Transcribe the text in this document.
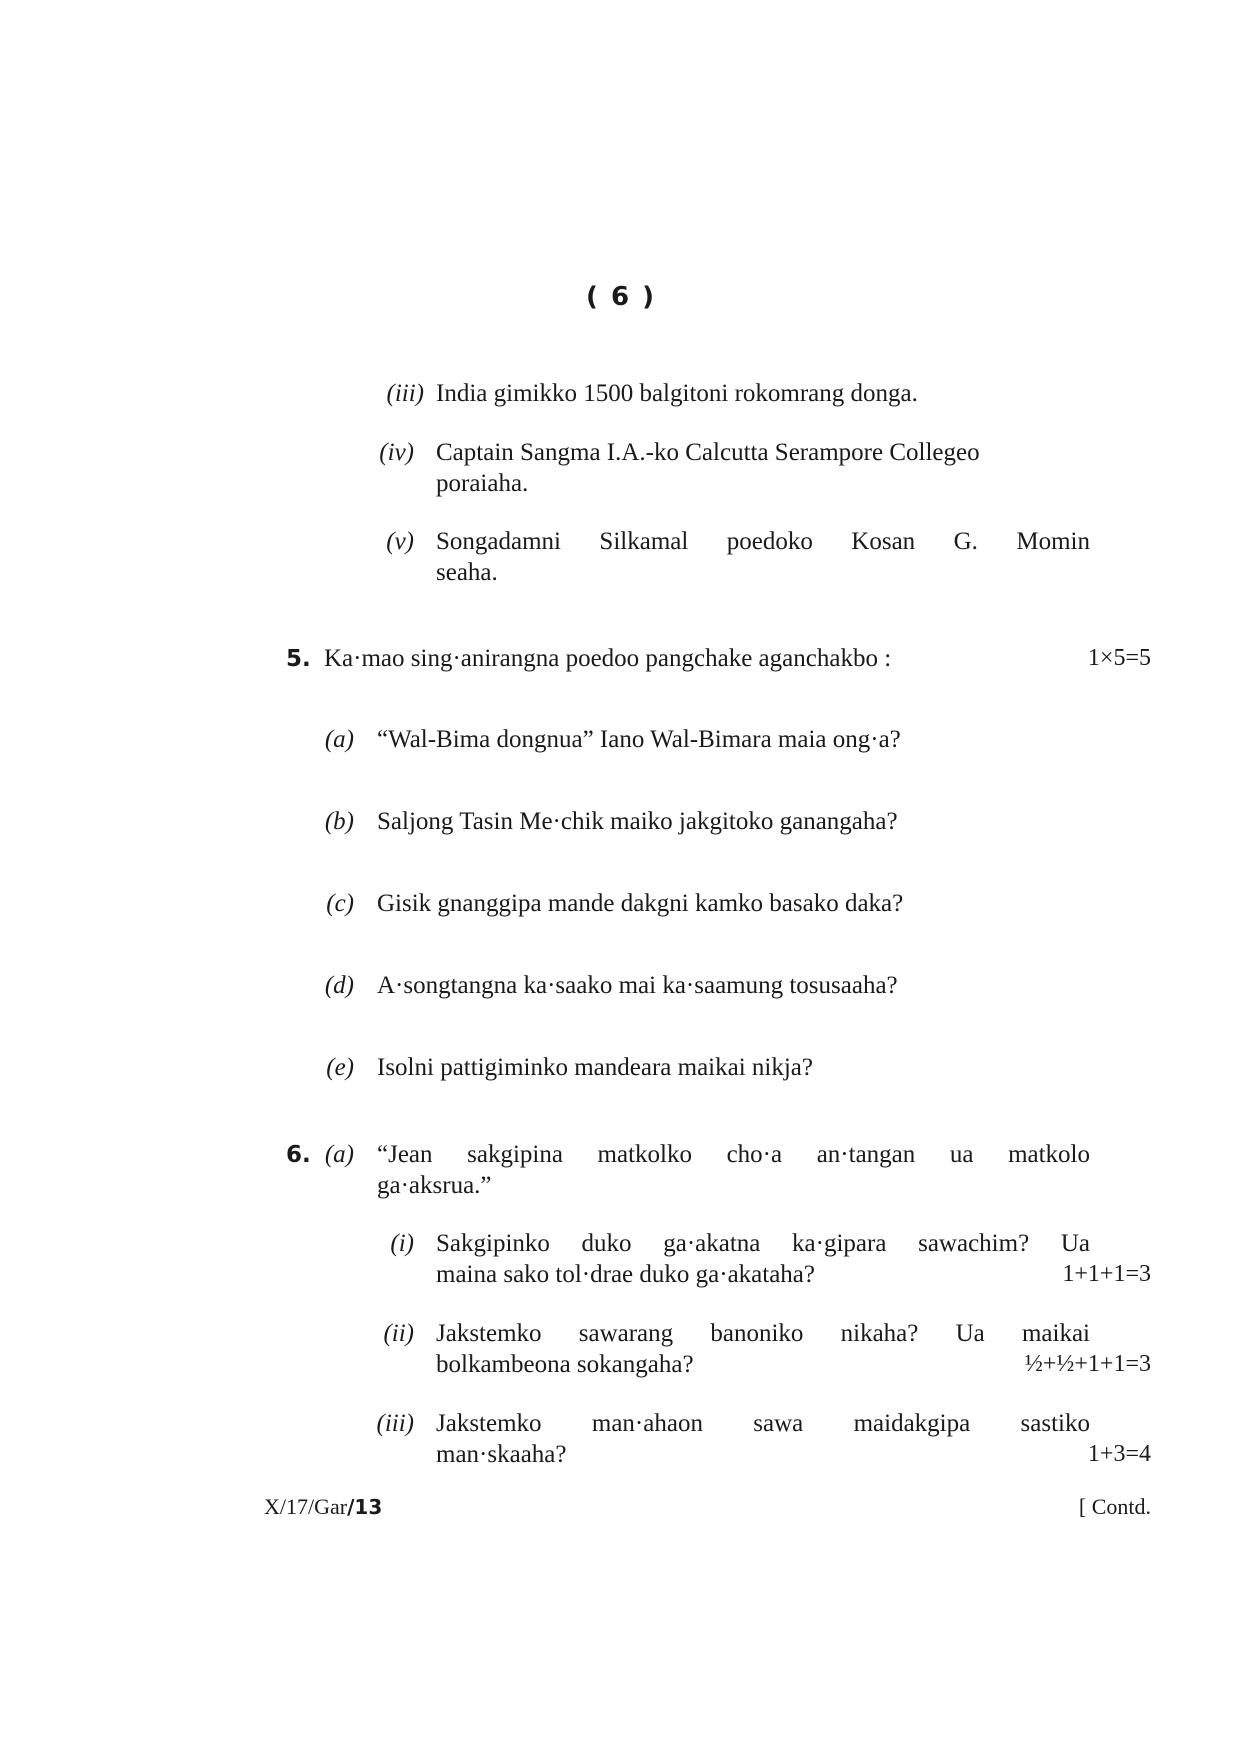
( 6 )
(iii) India gimikko 1500 balgitoni rokomrang donga.
(iv) Captain Sangma I.A.-ko Calcutta Serampore Collegeo
poraiaha.
(v) Songadamni Silkamal poedoko Kosan G. Momin
seaha.
5. Ka·mao sing·anirangna poedoo pangchake aganchakbo :	1×5=5
(a) “Wal-Bima dongnua” Iano Wal-Bimara maia ong·a?
(b) Saljong Tasin Me·chik maiko jakgitoko ganangaha?
(c) Gisik gnanggipa mande dakgni kamko basako daka?
(d) A·songtangna ka·saako mai ka·saamung tosusaaha?
(e) Isolni pattigiminko mandeara maikai nikja?
6. (a) “Jean sakgipina matkolko cho·a an·tangan ua matkolo
ga·aksrua.”
(i) Sakgipinko duko ga·akatna ka·gipara sawachim? Ua
maina sako tol·drae duko ga·akataha?	1+1+1=3
(ii) Jakstemko sawarang banoniko nikaha? Ua maikai
bolkambeona sokangaha?	½+½+1+1=3
(iii) Jakstemko man·ahaon sawa maidakgipa sastiko
man·skaaha?	1+3=4
X/17/Gar/13	[ Contd.
